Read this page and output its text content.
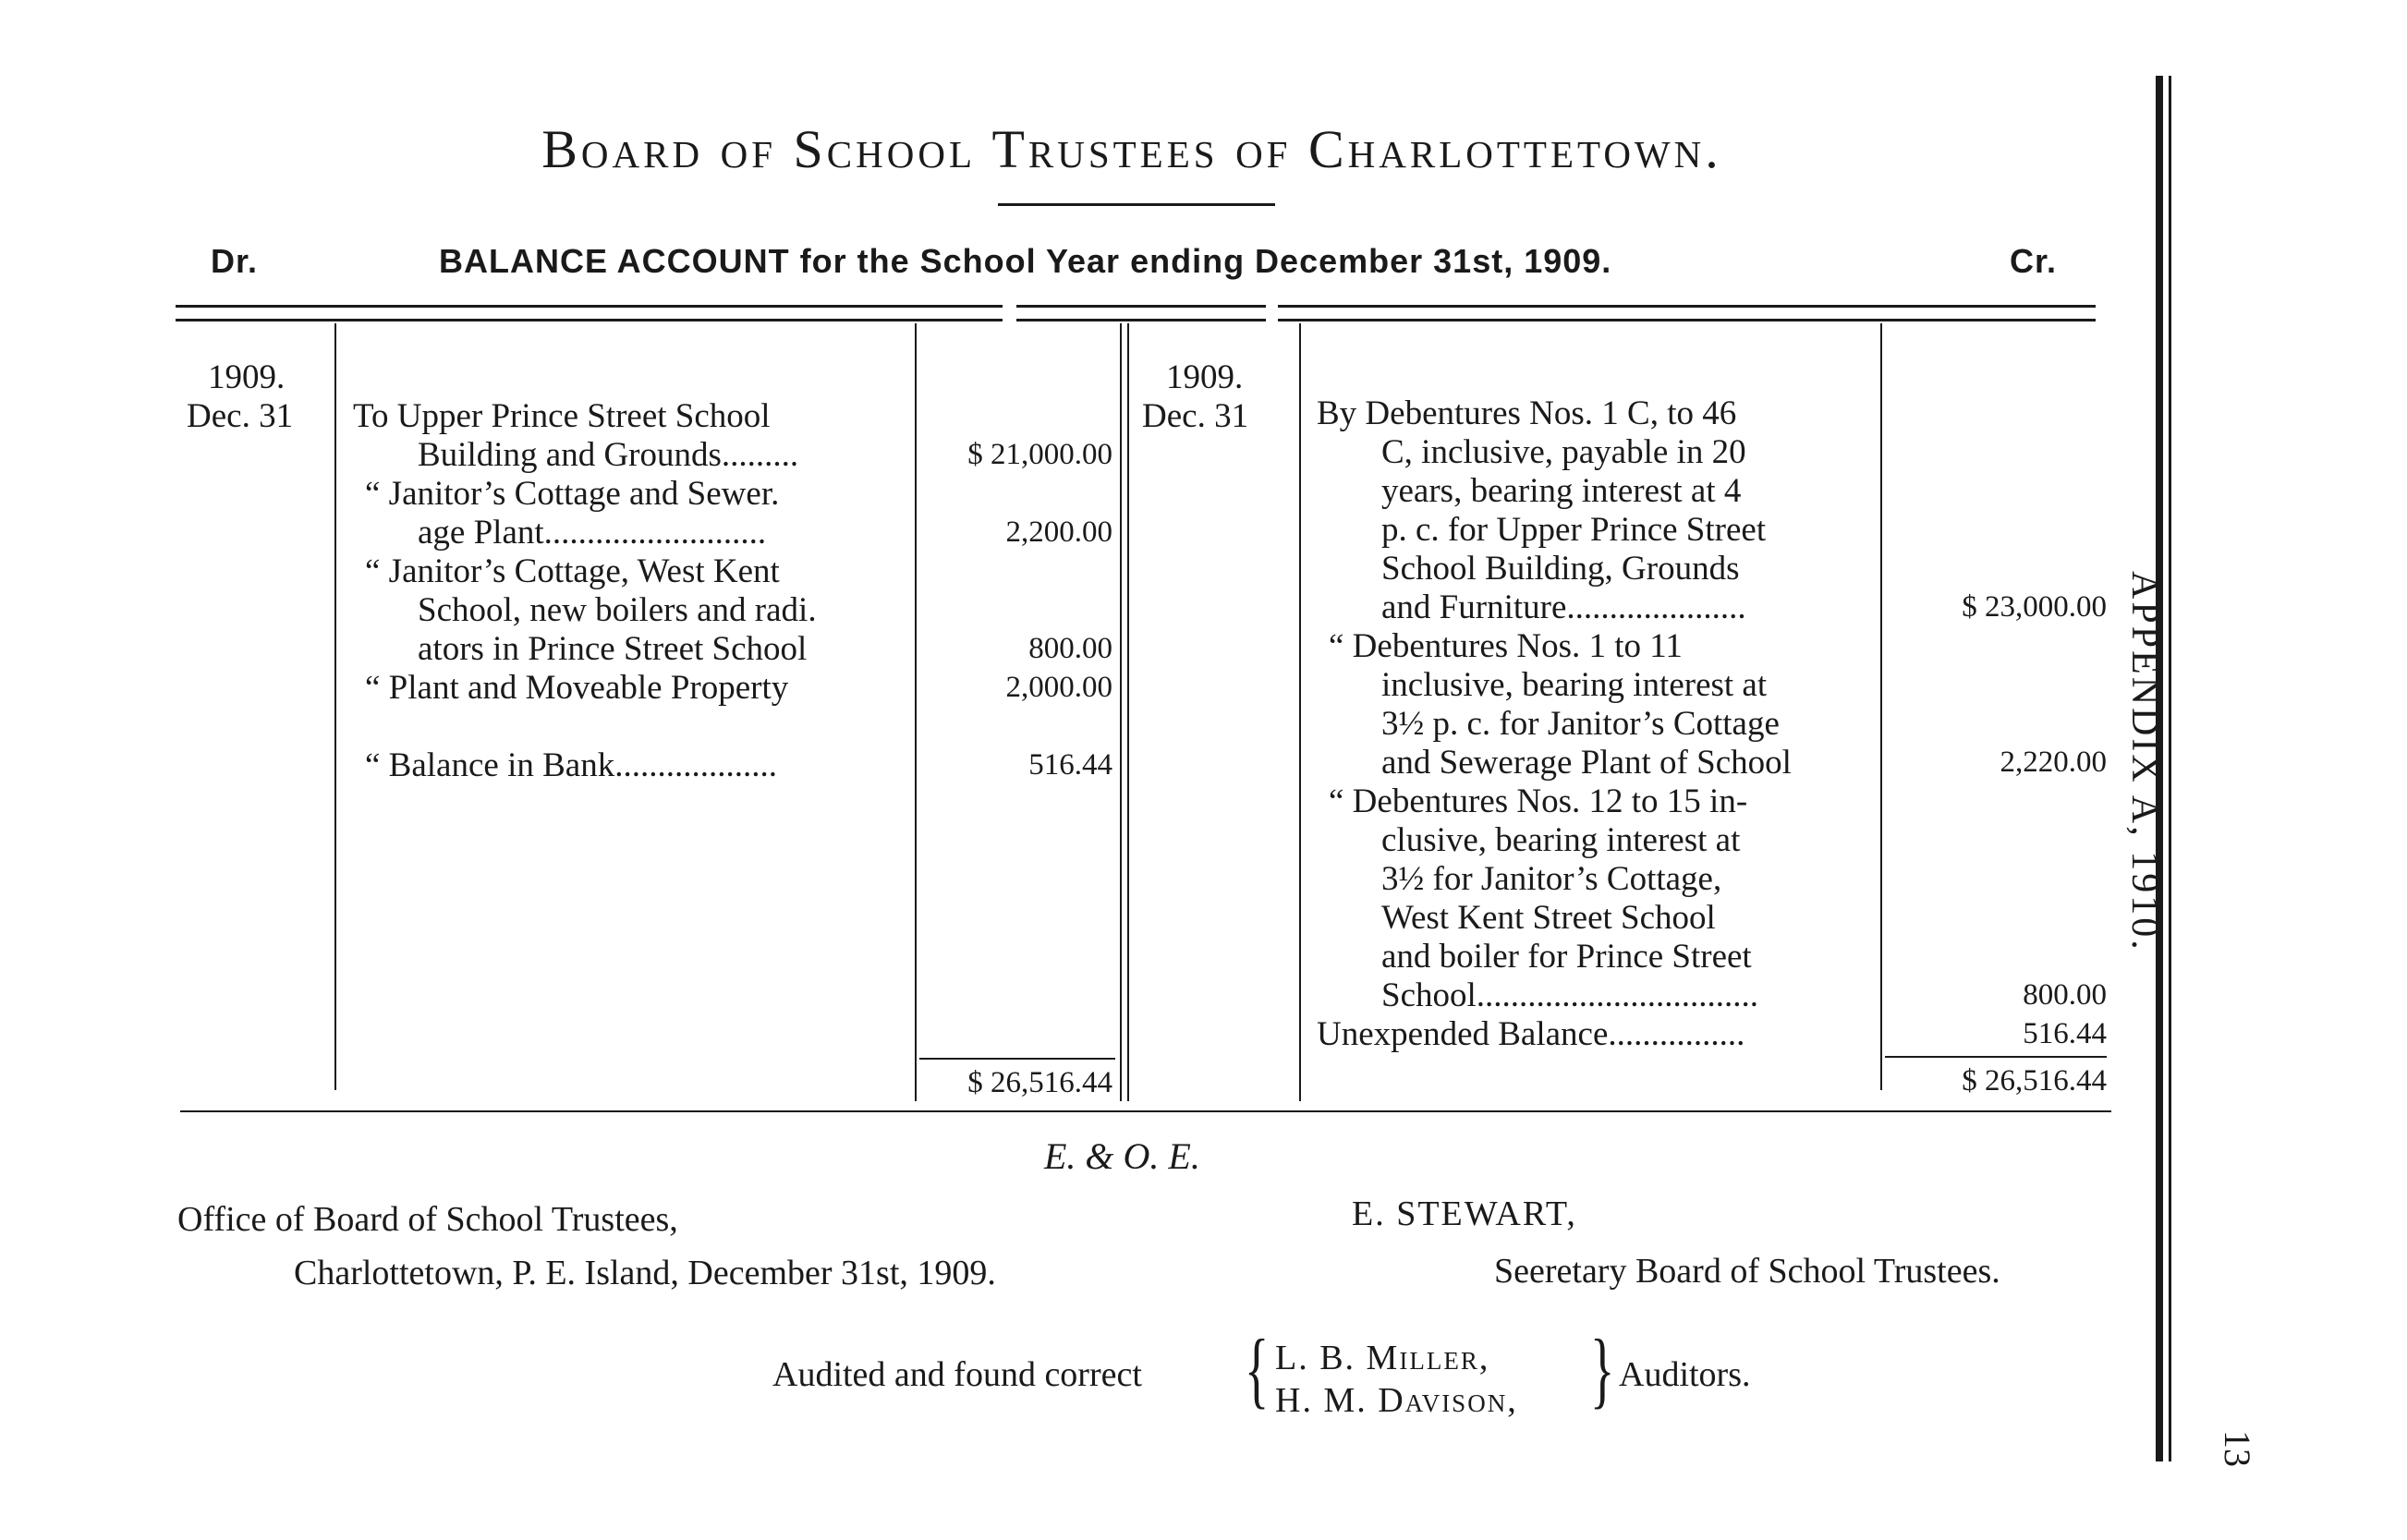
Board of School Trustees of Charlottetown.
Dr.	BALANCE ACCOUNT for the School Year ending December 31st, 1909.	Cr.
1909.
Dec. 31 To Upper Prince Street School
Building and Grounds.........
“ Janitor’s Cottage and Sewer.
age Plant..........................
“ Janitor’s Cottage, West Kent
School, new boilers and radi.
ators in Prince Street School
“ Plant and Moveable Property
“ Balance in Bank...................
$ 21,000.00
2,200.00
800.00
2,000.00
516.44
$ 26,516.44
1909.
Dec. 31 By Debentures Nos. 1 C, to 46
C, inclusive, payable in 20
years, bearing interest at 4
p. c. for Upper Prince Street
School Building, Grounds
and Furniture.....................
“ Debentures Nos. 1 to 11
inclusive, bearing interest at
3½ p. c. for Janitor’s Cottage
and Sewerage Plant of School
“ Debentures Nos. 12 to 15 in-
clusive, bearing interest at
3½ for Janitor’s Cottage,
West Kent Street School
and boiler for Prince Street
School.................................
Unexpended Balance................
$ 23,000.00
2,220.00
800.00
516.44
$ 26,516.44
E. & O. E.
Office of Board of School Trustees,
Charlottetown, P. E. Island, December 31st, 1909.
E. STEWART,
Seeretary Board of School Trustees.
Audited and found correct { L. B. Miller,
H. M. Davison, } Auditors.
APPENDIX A, 1910.
13
